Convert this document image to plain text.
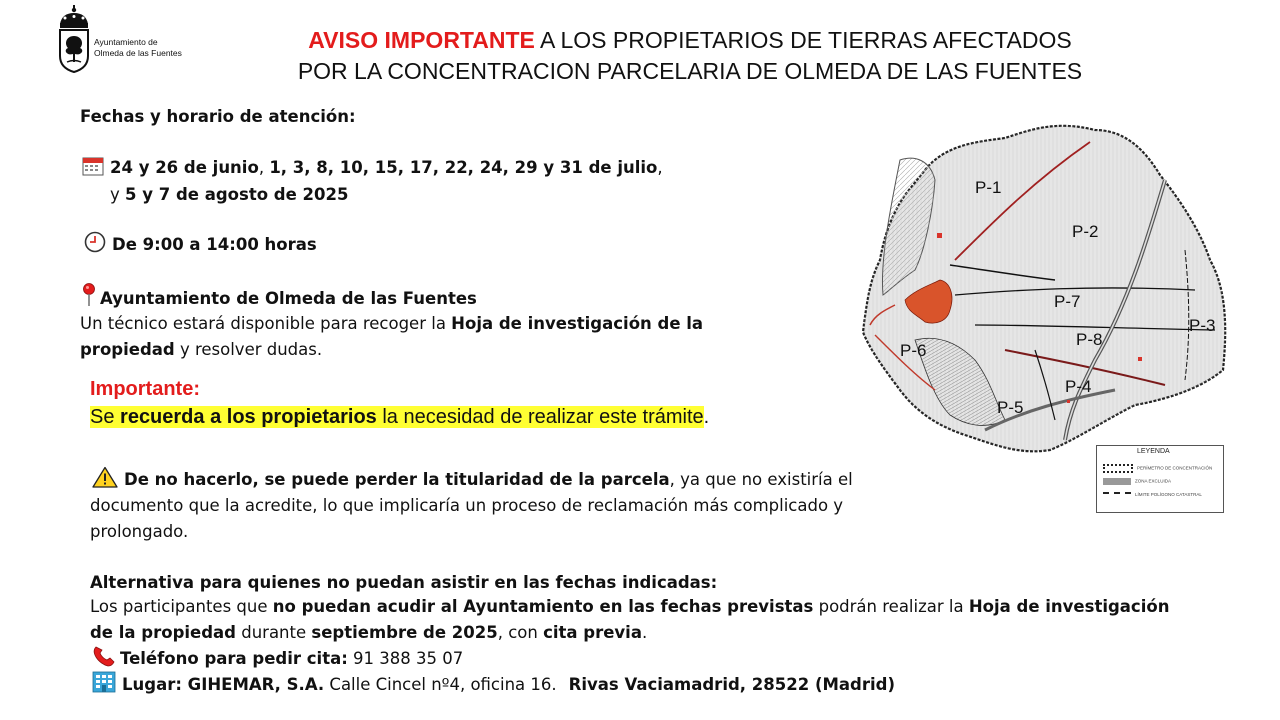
Ayuntamiento de
Olmeda de las Fuentes	AVISO IMPORTANTE A LOS PROPIETARIOS DE TIERRAS AFECTADOS
POR LA CONCENTRACION PARCELARIA DE OLMEDA DE LAS FUENTES
Fechas y horario de atención:
24 y 26 de junio, 1, 3, 8, 10, 15, 17, 22, 24, 29 y 31 de julio,
y 5 y 7 de agosto de 2025
De 9:00 a 14:00 horas
Ayuntamiento de Olmeda de las Fuentes
Un técnico estará disponible para recoger la Hoja de investigación de la
propiedad y resolver dudas.
Importante:
Se recuerda a los propietarios la necesidad de realizar este trámite.
De no hacerlo, se puede perder la titularidad de la parcela, ya que no existiría el
documento que la acredite, lo que implicaría un proceso de reclamación más complicado y
prolongado.
Alternativa para quienes no puedan asistir en las fechas indicadas:
Los participantes que no puedan acudir al Ayuntamiento en las fechas previstas podrán realizar la Hoja de investigación
de la propiedad durante septiembre de 2025, con cita previa.
Teléfono para pedir cita: 91 388 35 07
Lugar: GIHEMAR, S.A. Calle Cincel nº4, oficina 16. Rivas Vaciamadrid, 28522 (Madrid)
P-1
P-2
P-3
P-4
P-5
P-6
P-7
P-8
LEYENDA
PERÍMETRO DE CONCENTRACIÓN
ZONA EXCLUIDA
LÍMITE POLÍGONO CATASTRAL
